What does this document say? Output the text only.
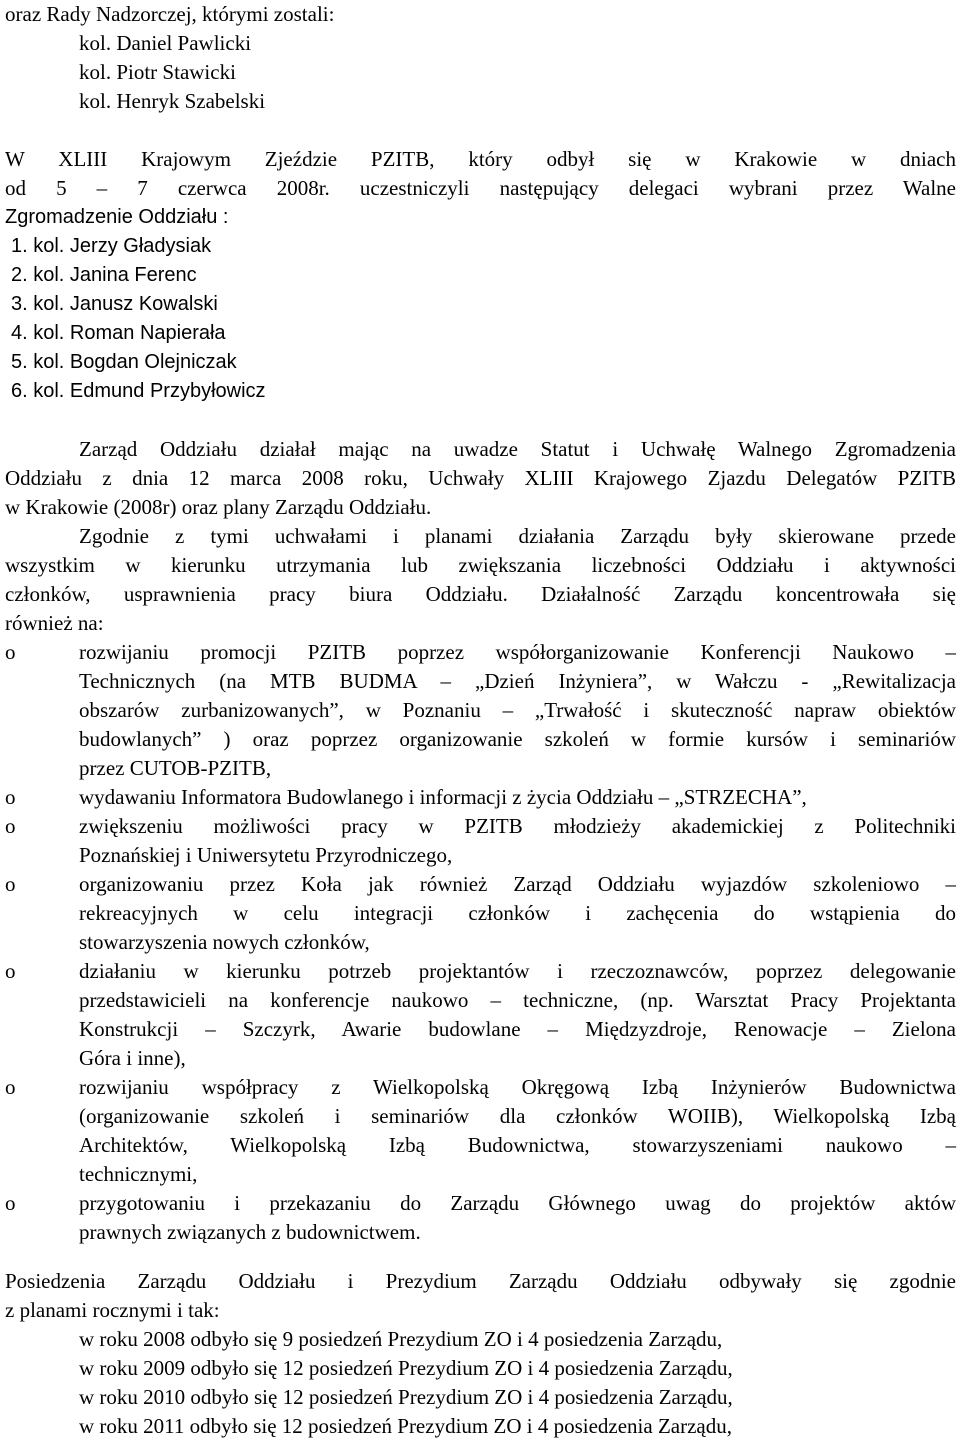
oraz Rady Nadzorczej, którymi zostali:
kol. Daniel Pawlicki
kol. Piotr Stawicki
kol. Henryk Szabelski
W XLIII Krajowym Zjeździe PZITB, który odbył się w Krakowie w dniach
od 5 – 7 czerwca 2008r. uczestniczyli następujący delegaci wybrani przez Walne
Zgromadzenie Oddziału :
1. kol. Jerzy Gładysiak
2. kol. Janina Ferenc
3. kol. Janusz Kowalski
4. kol. Roman Napierała
5. kol. Bogdan Olejniczak
6. kol. Edmund Przybyłowicz
Zarząd Oddziału działał mając na uwadze Statut i Uchwałę Walnego Zgromadzenia
Oddziału z dnia 12 marca 2008 roku, Uchwały XLIII Krajowego Zjazdu Delegatów PZITB
w Krakowie (2008r) oraz plany Zarządu Oddziału.
Zgodnie z tymi uchwałami i planami działania Zarządu były skierowane przede
wszystkim w kierunku utrzymania lub zwiększania liczebności Oddziału i aktywności
członków, usprawnienia pracy biura Oddziału. Działalność Zarządu koncentrowała się
również na:
o	rozwijaniu promocji PZITB poprzez współorganizowanie Konferencji Naukowo –
Technicznych (na MTB BUDMA – „Dzień Inżyniera”, w Wałczu - „Rewitalizacja
obszarów zurbanizowanych”, w Poznaniu – „Trwałość i skuteczność napraw obiektów
budowlanych” ) oraz poprzez organizowanie szkoleń w formie kursów i seminariów
przez CUTOB-PZITB,
o	wydawaniu Informatora Budowlanego i informacji z życia Oddziału – „STRZECHA”,
o	zwiększeniu możliwości pracy w PZITB młodzieży akademickiej z Politechniki
Poznańskiej i Uniwersytetu Przyrodniczego,
o	organizowaniu przez Koła jak również Zarząd Oddziału wyjazdów szkoleniowo –
rekreacyjnych w celu integracji członków i zachęcenia do wstąpienia do
stowarzyszenia nowych członków,
o	działaniu w kierunku potrzeb projektantów i rzeczoznawców, poprzez delegowanie
przedstawicieli na konferencje naukowo – techniczne, (np. Warsztat Pracy Projektanta
Konstrukcji – Szczyrk, Awarie budowlane – Międzyzdroje, Renowacje – Zielona
Góra i inne),
o	rozwijaniu współpracy z Wielkopolską Okręgową Izbą Inżynierów Budownictwa
(organizowanie szkoleń i seminariów dla członków WOIIB), Wielkopolską Izbą
Architektów, Wielkopolską Izbą Budownictwa, stowarzyszeniami naukowo –
technicznymi,
o	przygotowaniu i przekazaniu do Zarządu Głównego uwag do projektów aktów
prawnych związanych z budownictwem.
Posiedzenia Zarządu Oddziału i Prezydium Zarządu Oddziału odbywały się zgodnie
z planami rocznymi i tak:
w roku 2008 odbyło się 9 posiedzeń Prezydium ZO i 4 posiedzenia Zarządu,
w roku 2009 odbyło się 12 posiedzeń Prezydium ZO i 4 posiedzenia Zarządu,
w roku 2010 odbyło się 12 posiedzeń Prezydium ZO i 4 posiedzenia Zarządu,
w roku 2011 odbyło się 12 posiedzeń Prezydium ZO i 4 posiedzenia Zarządu,
